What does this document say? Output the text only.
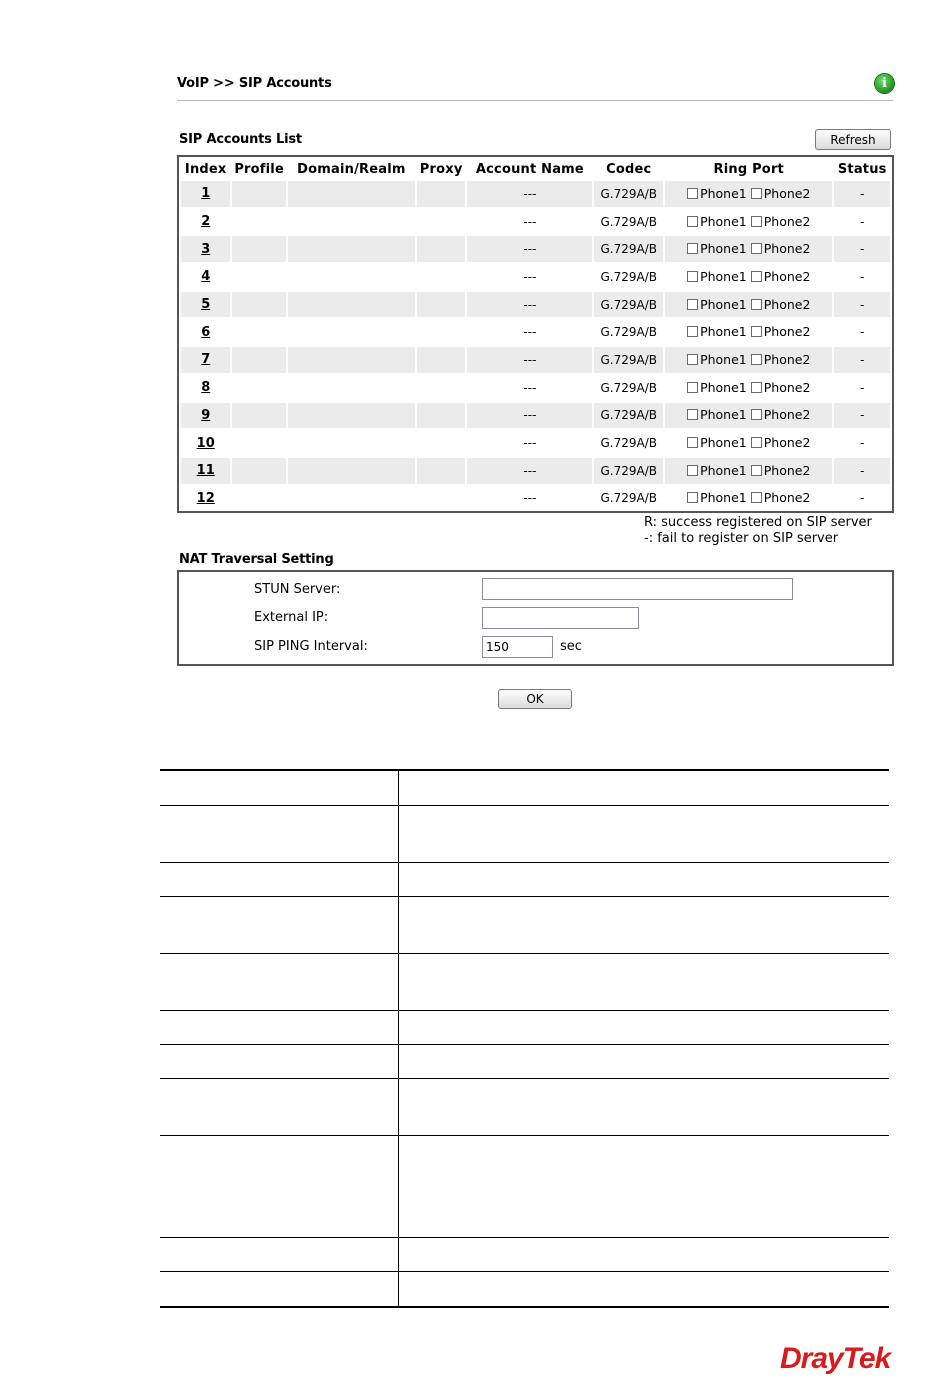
VoIP >> SIP Accounts	i
SIP Accounts List	Refresh
Index	Profile	Domain/Realm	Proxy	Account Name	Codec	Ring Port	Status
1				---	G.729A/B	Phone1 Phone2	-
2				---	G.729A/B	Phone1 Phone2	-
3				---	G.729A/B	Phone1 Phone2	-
4				---	G.729A/B	Phone1 Phone2	-
5				---	G.729A/B	Phone1 Phone2	-
6				---	G.729A/B	Phone1 Phone2	-
7				---	G.729A/B	Phone1 Phone2	-
8				---	G.729A/B	Phone1 Phone2	-
9				---	G.729A/B	Phone1 Phone2	-
10				---	G.729A/B	Phone1 Phone2	-
11				---	G.729A/B	Phone1 Phone2	-
12				---	G.729A/B	Phone1 Phone2	-
R: success registered on SIP server
-: fail to register on SIP server
NAT Traversal Setting
STUN Server:
External IP:
SIP PING Interval:
150	sec
OK
DrayTek
